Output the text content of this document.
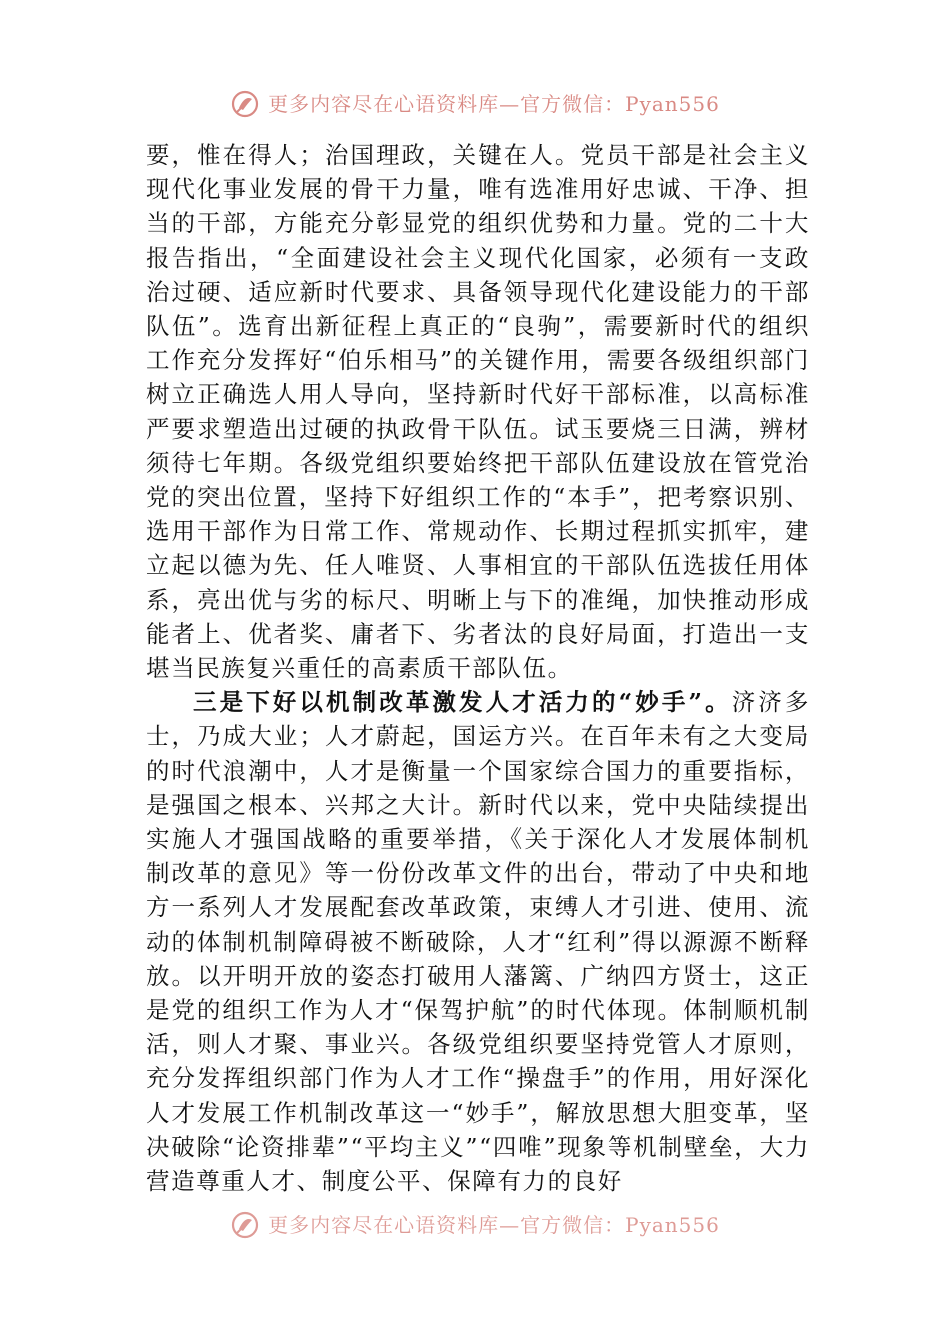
更多内容尽在心语资料库—官方微信：Pyan556

要，惟在得人；治国理政，关键在人。党员干部是社会主义现代化事业发展的骨干力量，唯有选准用好忠诚、干净、担当的干部，方能充分彰显党的组织优势和力量。党的二十大报告指出，“全面建设社会主义现代化国家，必须有一支政治过硬、适应新时代要求、具备领导现代化建设能力的干部队伍”。选育出新征程上真正的“良驹”，需要新时代的组织工作充分发挥好“伯乐相马”的关键作用，需要各级组织部门树立正确选人用人导向，坚持新时代好干部标准，以高标准严要求塑造出过硬的执政骨干队伍。试玉要烧三日满，辨材须待七年期。各级党组织要始终把干部队伍建设放在管党治党的突出位置，坚持下好组织工作的“本手”，把考察识别、选用干部作为日常工作、常规动作、长期过程抓实抓牢，建立起以德为先、任人唯贤、人事相宜的干部队伍选拔任用体系，亮出优与劣的标尺、明晰上与下的准绳，加快推动形成能者上、优者奖、庸者下、劣者汰的良好局面，打造出一支堪当民族复兴重任的高素质干部队伍。

三是下好以机制改革激发人才活力的“妙手”。济济多士，乃成大业；人才蔚起，国运方兴。在百年未有之大变局的时代浪潮中，人才是衡量一个国家综合国力的重要指标，是强国之根本、兴邦之大计。新时代以来，党中央陆续提出实施人才强国战略的重要举措，《关于深化人才发展体制机制改革的意见》等一份份改革文件的出台，带动了中央和地方一系列人才发展配套改革政策，束缚人才引进、使用、流动的体制机制障碍被不断破除，人才“红利”得以源源不断释放。以开明开放的姿态打破用人藩篱、广纳四方贤士，这正是党的组织工作为人才“保驾护航”的时代体现。体制顺机制活，则人才聚、事业兴。各级党组织要坚持党管人才原则，充分发挥组织部门作为人才工作“操盘手”的作用，用好深化人才发展工作机制改革这一“妙手”，解放思想大胆变革，坚决破除“论资排辈”“平均主义”“四唯”现象等机制壁垒，大力营造尊重人才、制度公平、保障有力的良好

更多内容尽在心语资料库—官方微信：Pyan556
